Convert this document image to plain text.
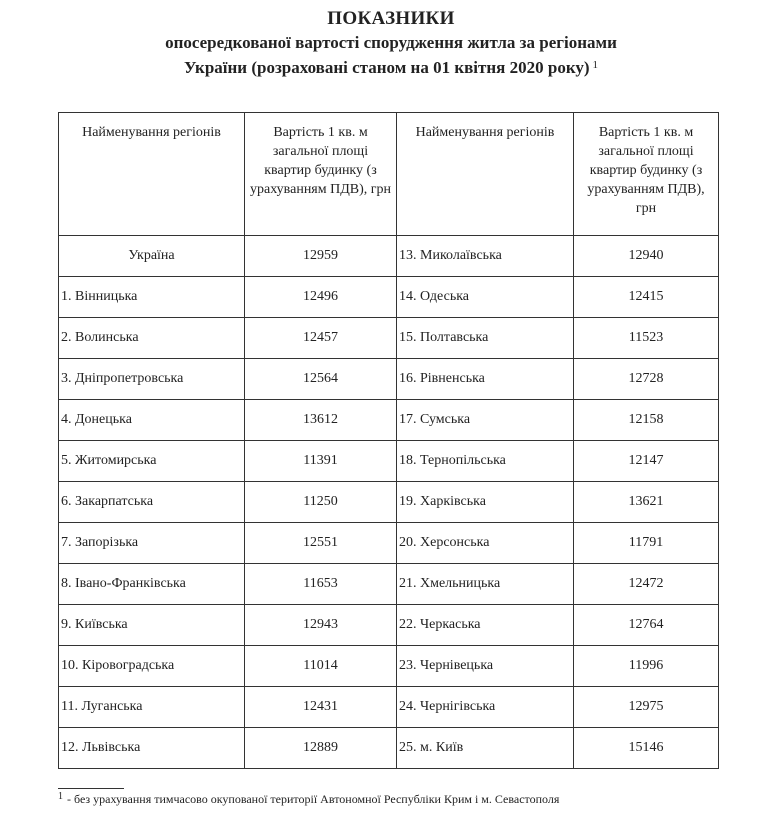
ПОКАЗНИКИ
опосередкованої вартості спорудження житла за регіонами
України (розраховані станом на 01 квітня 2020 року) $^1$
Найменування регіонів	Вартість 1 кв. м загальної площі квартир будинку (з урахуванням ПДВ), грн	Найменування регіонів	Вартість 1 кв. м загальної площі квартир будинку (з урахуванням ПДВ), грн
Україна	12959	13. Миколаївська	12940
1. Вінницька	12496	14. Одеська	12415
2. Волинська	12457	15. Полтавська	11523
3. Дніпропетровська	12564	16. Рівненська	12728
4. Донецька	13612	17. Сумська	12158
5. Житомирська	11391	18. Тернопільська	12147
6. Закарпатська	11250	19. Харківська	13621
7. Запорізька	12551	20. Херсонська	11791
8. Івано-Франківська	11653	21. Хмельницька	12472
9. Київська	12943	22. Черкаська	12764
10. Кіровоградська	11014	23. Чернівецька	11996
11. Луганська	12431	24. Чернігівська	12975
12. Львівська	12889	25. м. Київ	15146
$^1$ - без урахування тимчасово окупованої території Автономної Республіки Крим і м. Севастополя
